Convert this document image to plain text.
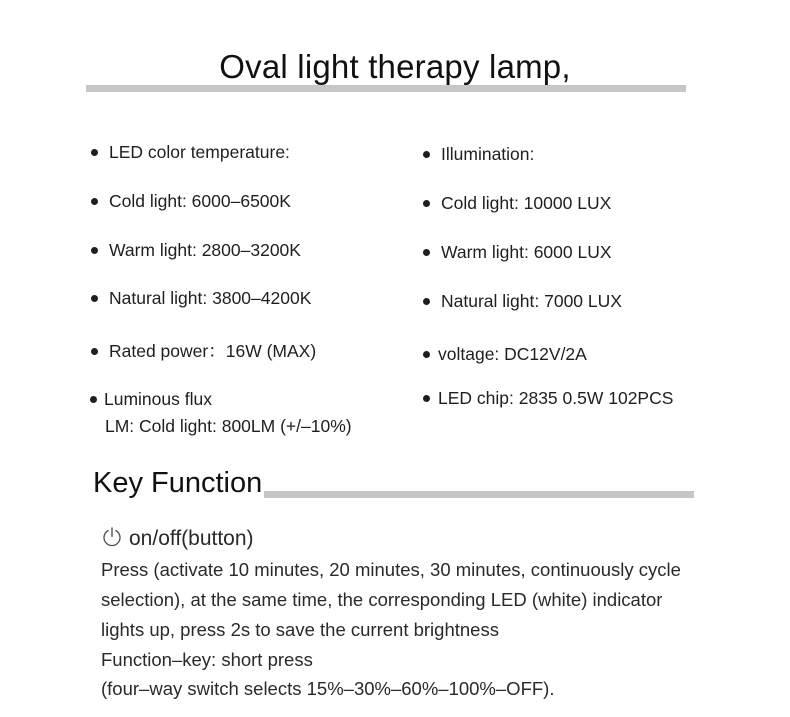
Oval light therapy lamp,
LED color temperature:
Cold light: 6000–6500K
Warm light: 2800–3200K
Natural light: 3800–4200K
Rated power：16W (MAX)
Luminous flux
LM: Cold light: 800LM (+/–10%)
Illumination:
Cold light: 10000 LUX
Warm light: 6000 LUX
Natural light: 7000 LUX
voltage: DC12V/2A
LED chip: 2835 0.5W 102PCS
Key Function
on/off(button)
Press (activate 10 minutes, 20 minutes, 30 minutes, continuously cycle
selection), at the same time, the corresponding LED (white) indicator
lights up, press 2s to save the current brightness
Function–key: short press
(four–way switch selects 15%–30%–60%–100%–OFF).
